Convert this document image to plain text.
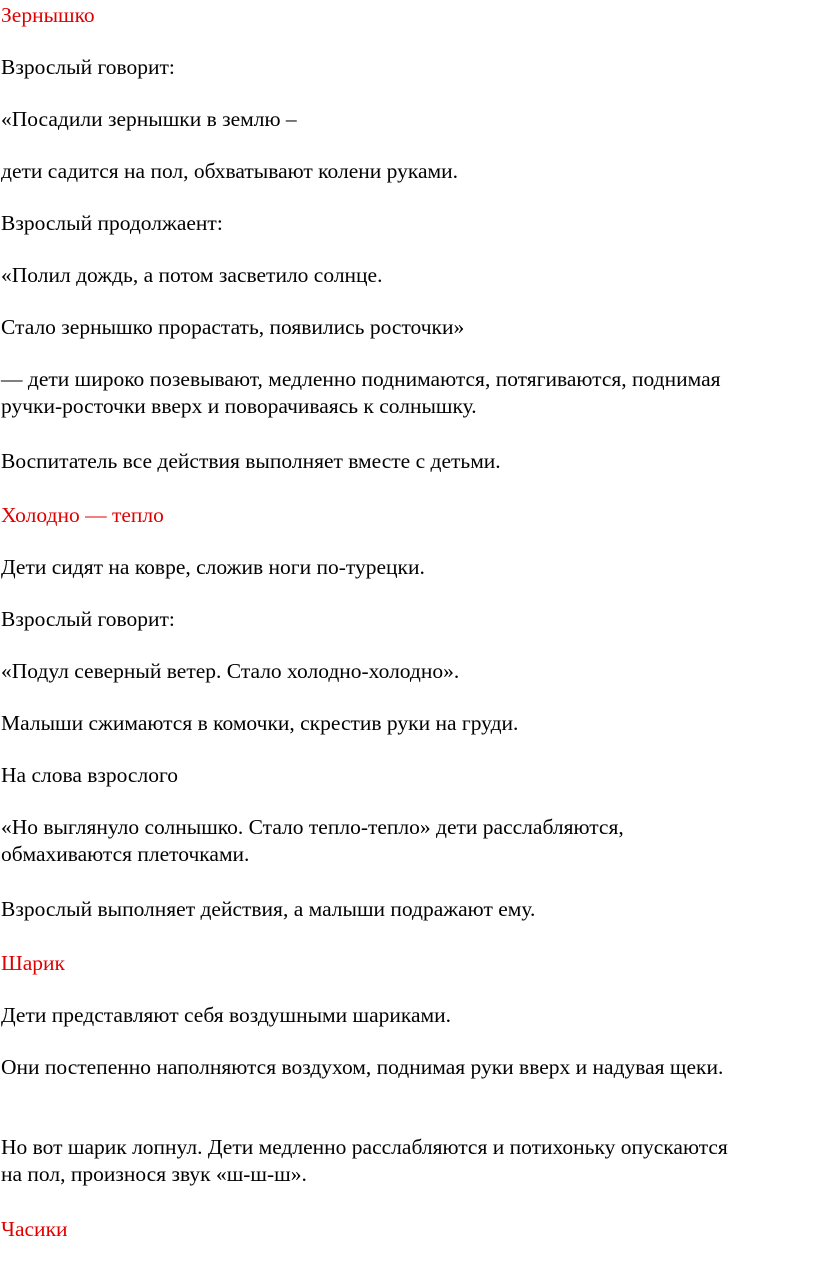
Зернышко
Взрослый говорит:
«Посадили зернышки в землю –
дети садится на пол, обхватывают колени руками.
Взрослый продолжаент:
«Полил дождь, а потом засветило солнце.
Стало зернышко прорастать, появились росточки»
— дети широко позевывают, медленно поднимаются, потягиваются, поднимая ручки-росточки вверх и поворачиваясь к солнышку.
Воспитатель все действия выполняет вместе с детьми.
Холодно — тепло
Дети сидят на ковре, сложив ноги по-турецки.
Взрослый говорит:
«Подул северный ветер. Стало холодно-холодно».
Малыши сжимаются в комочки, скрестив руки на груди.
На слова взрослого
«Но выглянуло солнышко. Стало тепло-тепло» дети расслабляются, обмахиваются плеточками.
Взрослый выполняет действия, а малыши подражают ему.
Шарик
Дети представляют себя воздушными шариками.
Они постепенно наполняются воздухом, поднимая руки вверх и надувая щеки.
Но вот шарик лопнул. Дети медленно расслабляются и потихоньку опускаются на пол, произнося звук «ш-ш-ш».
Часики
